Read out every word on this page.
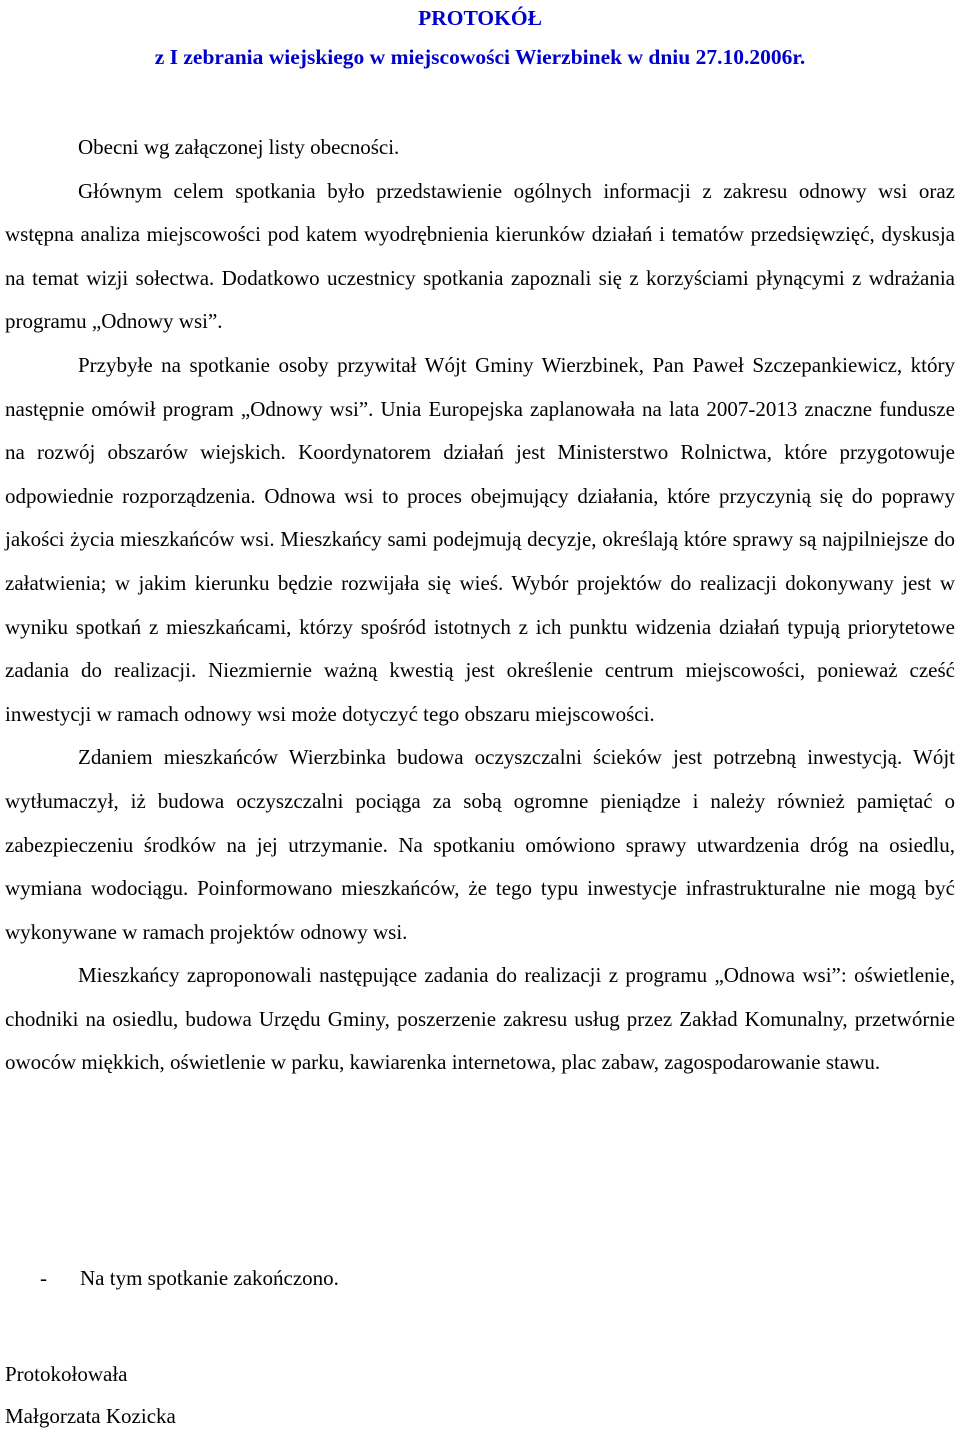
PROTOKÓŁ
z I zebrania wiejskiego w miejscowości Wierzbinek w dniu 27.10.2006r.

Obecni wg załączonej listy obecności.

Głównym celem spotkania było przedstawienie ogólnych informacji z zakresu odnowy wsi oraz wstępna analiza miejscowości pod katem wyodrębnienia kierunków działań i tematów przedsięwzięć, dyskusja na temat wizji sołectwa. Dodatkowo uczestnicy spotkania zapoznali się z korzyściami płynącymi z wdrażania programu „Odnowy wsi”.

Przybyłe na spotkanie osoby przywitał Wójt Gminy Wierzbinek, Pan Paweł Szczepankiewicz, który następnie omówił program „Odnowy wsi”. Unia Europejska zaplanowała na lata 2007-2013 znaczne fundusze na rozwój obszarów wiejskich. Koordynatorem działań jest Ministerstwo Rolnictwa, które przygotowuje odpowiednie rozporządzenia. Odnowa wsi to proces obejmujący działania, które przyczynią się do poprawy jakości życia mieszkańców wsi. Mieszkańcy sami podejmują decyzje, określają które sprawy są najpilniejsze do załatwienia; w jakim kierunku będzie rozwijała się wieś. Wybór projektów do realizacji dokonywany jest w wyniku spotkań z mieszkańcami, którzy spośród istotnych z ich punktu widzenia działań typują priorytetowe zadania do realizacji. Niezmiernie ważną kwestią jest określenie centrum miejscowości, ponieważ cześć inwestycji w ramach odnowy wsi może dotyczyć tego obszaru miejscowości.

Zdaniem mieszkańców Wierzbinka budowa oczyszczalni ścieków jest potrzebną inwestycją. Wójt wytłumaczył, iż budowa oczyszczalni pociąga za sobą ogromne pieniądze i należy również pamiętać o zabezpieczeniu środków na jej utrzymanie. Na spotkaniu omówiono sprawy utwardzenia dróg na osiedlu, wymiana wodociągu. Poinformowano mieszkańców, że tego typu inwestycje infrastrukturalne nie mogą być wykonywane w ramach projektów odnowy wsi.

Mieszkańcy zaproponowali następujące zadania do realizacji z programu „Odnowa wsi”: oświetlenie, chodniki na osiedlu, budowa Urzędu Gminy, poszerzenie zakresu usług przez Zakład Komunalny, przetwórnie owoców miękkich, oświetlenie w parku, kawiarenka internetowa, plac zabaw, zagospodarowanie stawu.

- Na tym spotkanie zakończono.
Protokołowała
Małgorzata Kozicka
